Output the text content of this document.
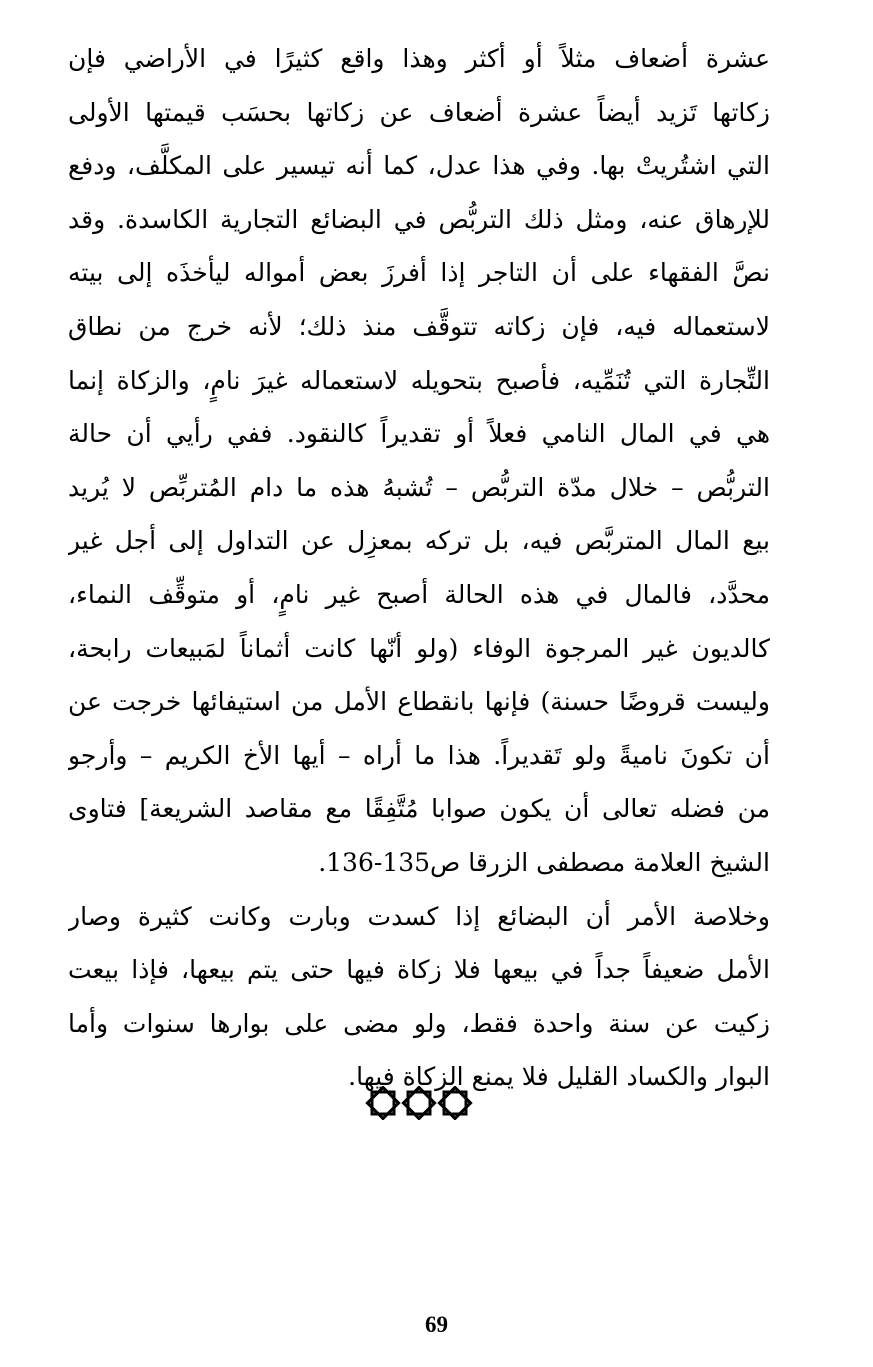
عشرة أضعاف مثلاً أو أكثر وهذا واقع كثيرًا في الأراضي فإن
زكاتها تَزيد أيضاً عشرة أضعاف عن زكاتها بحسَب قيمتها الأولى
التي اشتُريتْ بها. وفي هذا عدل، كما أنه تيسير على المكلَّف، ودفع
للإرهاق عنه، ومثل ذلك التربُّص في البضائع التجارية الكاسدة. وقد
نصَّ الفقهاء على أن التاجر إذا أفرزَ بعض أمواله ليأخذَه إلى بيته
لاستعماله فيه، فإن زكاته تتوقَّف منذ ذلك؛ لأنه خرج من نطاق
التِّجارة التي تُنَمِّيه، فأصبح بتحويله لاستعماله غيرَ نامٍ، والزكاة إنما
هي في المال النامي فعلاً أو تقديراً كالنقود. ففي رأيي أن حالة
التربُّص – خلال مدّة التربُّص – تُشبهُ هذه ما دام المُتربِّص لا يُريد
بيع المال المتربَّص فيه، بل تركه بمعزِل عن التداول إلى أجل غير
محدَّد، فالمال في هذه الحالة أصبح غير نامٍ، أو متوقِّف النماء،
كالديون غير المرجوة الوفاء (ولو أنّها كانت أثماناً لمَبيعات رابحة،
وليست قروضًا حسنة) فإنها بانقطاع الأمل من استيفائها خرجت عن
أن تكونَ ناميةً ولو تَقديراً. هذا ما أراه – أيها الأخ الكريم – وأرجو
من فضله تعالى أن يكون صوابا مُتَّفِقًا مع مقاصد الشريعة] فتاوى
الشيخ العلامة مصطفى الزرقا ص135-136.
وخلاصة الأمر أن البضائع إذا كسدت وبارت وكانت كثيرة وصار
الأمل ضعيفاً جداً في بيعها فلا زكاة فيها حتى يتم بيعها، فإذا بيعت
زكيت عن سنة واحدة فقط، ولو مضى على بوارها سنوات وأما
البوار والكساد القليل فلا يمنع الزكاة فيها.
69
